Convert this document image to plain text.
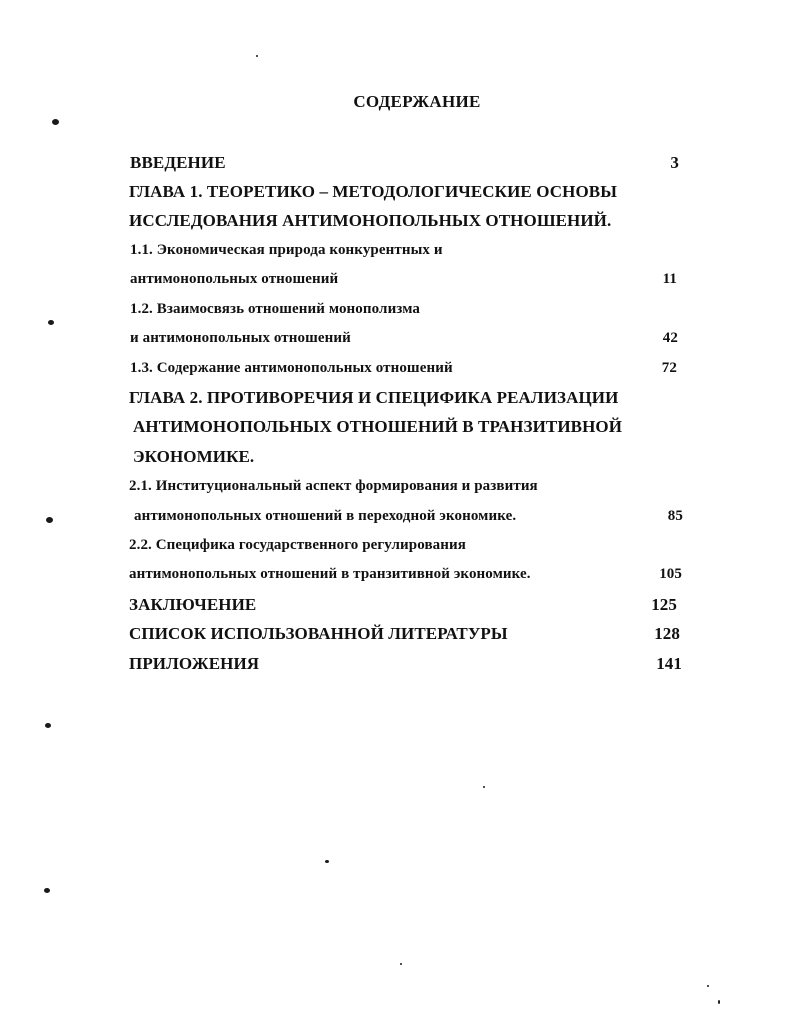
СОДЕРЖАНИЕ
ВВЕДЕНИЕ	3
ГЛАВА 1. ТЕОРЕТИКО – МЕТОДОЛОГИЧЕСКИЕ ОСНОВЫ
ИССЛЕДОВАНИЯ АНТИМОНОПОЛЬНЫХ ОТНОШЕНИЙ.
1.1. Экономическая природа конкурентных и
антимонопольных отношений	11
1.2. Взаимосвязь отношений монополизма
и антимонопольных отношений	42
1.3. Содержание антимонопольных отношений	72
ГЛАВА 2. ПРОТИВОРЕЧИЯ И СПЕЦИФИКА РЕАЛИЗАЦИИ
АНТИМОНОПОЛЬНЫХ ОТНОШЕНИЙ В ТРАНЗИТИВНОЙ
ЭКОНОМИКЕ.
2.1. Институциональный аспект формирования и развития
антимонопольных отношений в переходной экономике.	85
2.2. Специфика государственного регулирования
антимонопольных отношений в транзитивной экономике.	105
ЗАКЛЮЧЕНИЕ	125
СПИСОК ИСПОЛЬЗОВАННОЙ ЛИТЕРАТУРЫ	128
ПРИЛОЖЕНИЯ	141
